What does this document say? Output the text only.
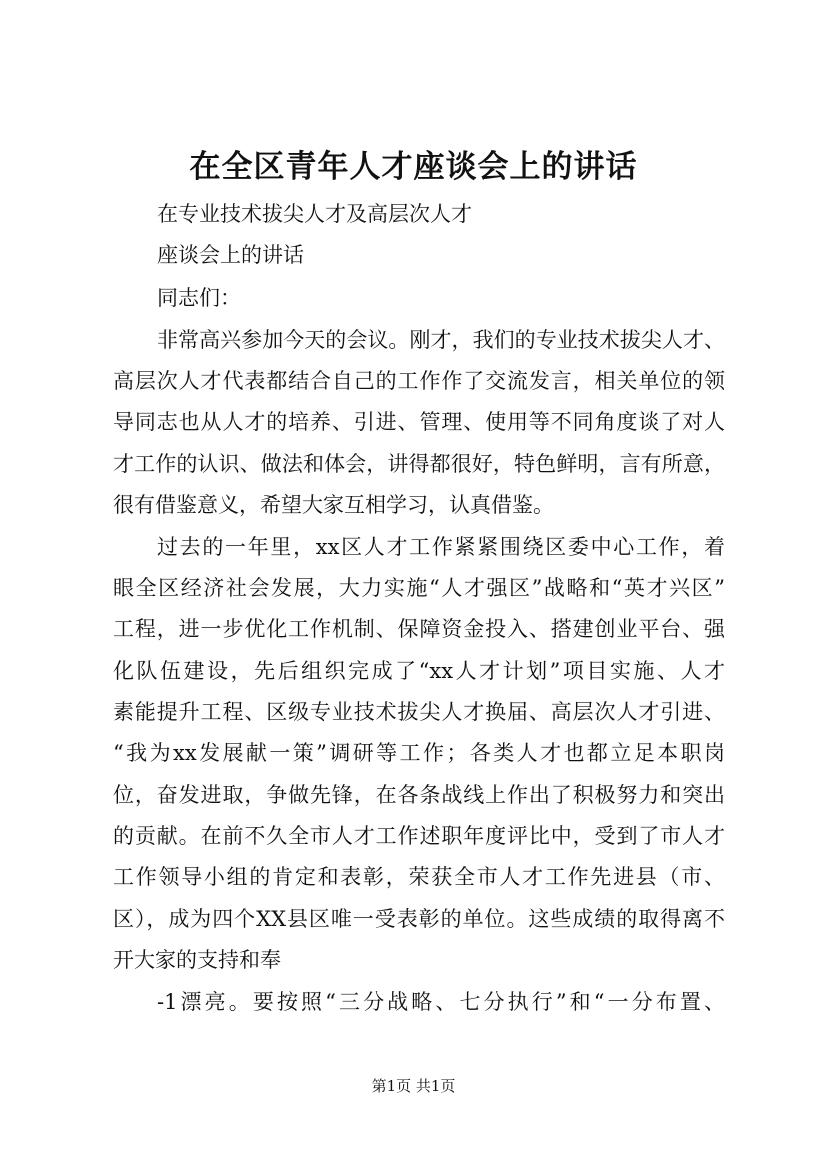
在全区青年人才座谈会上的讲话
在专业技术拔尖人才及高层次人才
座谈会上的讲话
同志们：
非常高兴参加今天的会议。刚才，我们的专业技术拔尖人才、
高层次人才代表都结合自己的工作作了交流发言，相关单位的领
导同志也从人才的培养、引进、管理、使用等不同角度谈了对人
才工作的认识、做法和体会，讲得都很好，特色鲜明，言有所意，
很有借鉴意义，希望大家互相学习，认真借鉴。
过去的一年里，xx区人才工作紧紧围绕区委中心工作，着
眼全区经济社会发展，大力实施“人才强区”战略和“英才兴区”
工程，进一步优化工作机制、保障资金投入、搭建创业平台、强
化队伍建设，先后组织完成了“xx人才计划”项目实施、人才
素能提升工程、区级专业技术拔尖人才换届、高层次人才引进、
“我为xx发展献一策”调研等工作；各类人才也都立足本职岗
位，奋发进取，争做先锋，在各条战线上作出了积极努力和突出
的贡献。在前不久全市人才工作述职年度评比中，受到了市人才
工作领导小组的肯定和表彰，荣获全市人才工作先进县（市、
区），成为四个XX县区唯一受表彰的单位。这些成绩的取得离不
开大家的支持和奉
-1漂亮。要按照“三分战略、七分执行”和“一分布置、
第1页 共1页
